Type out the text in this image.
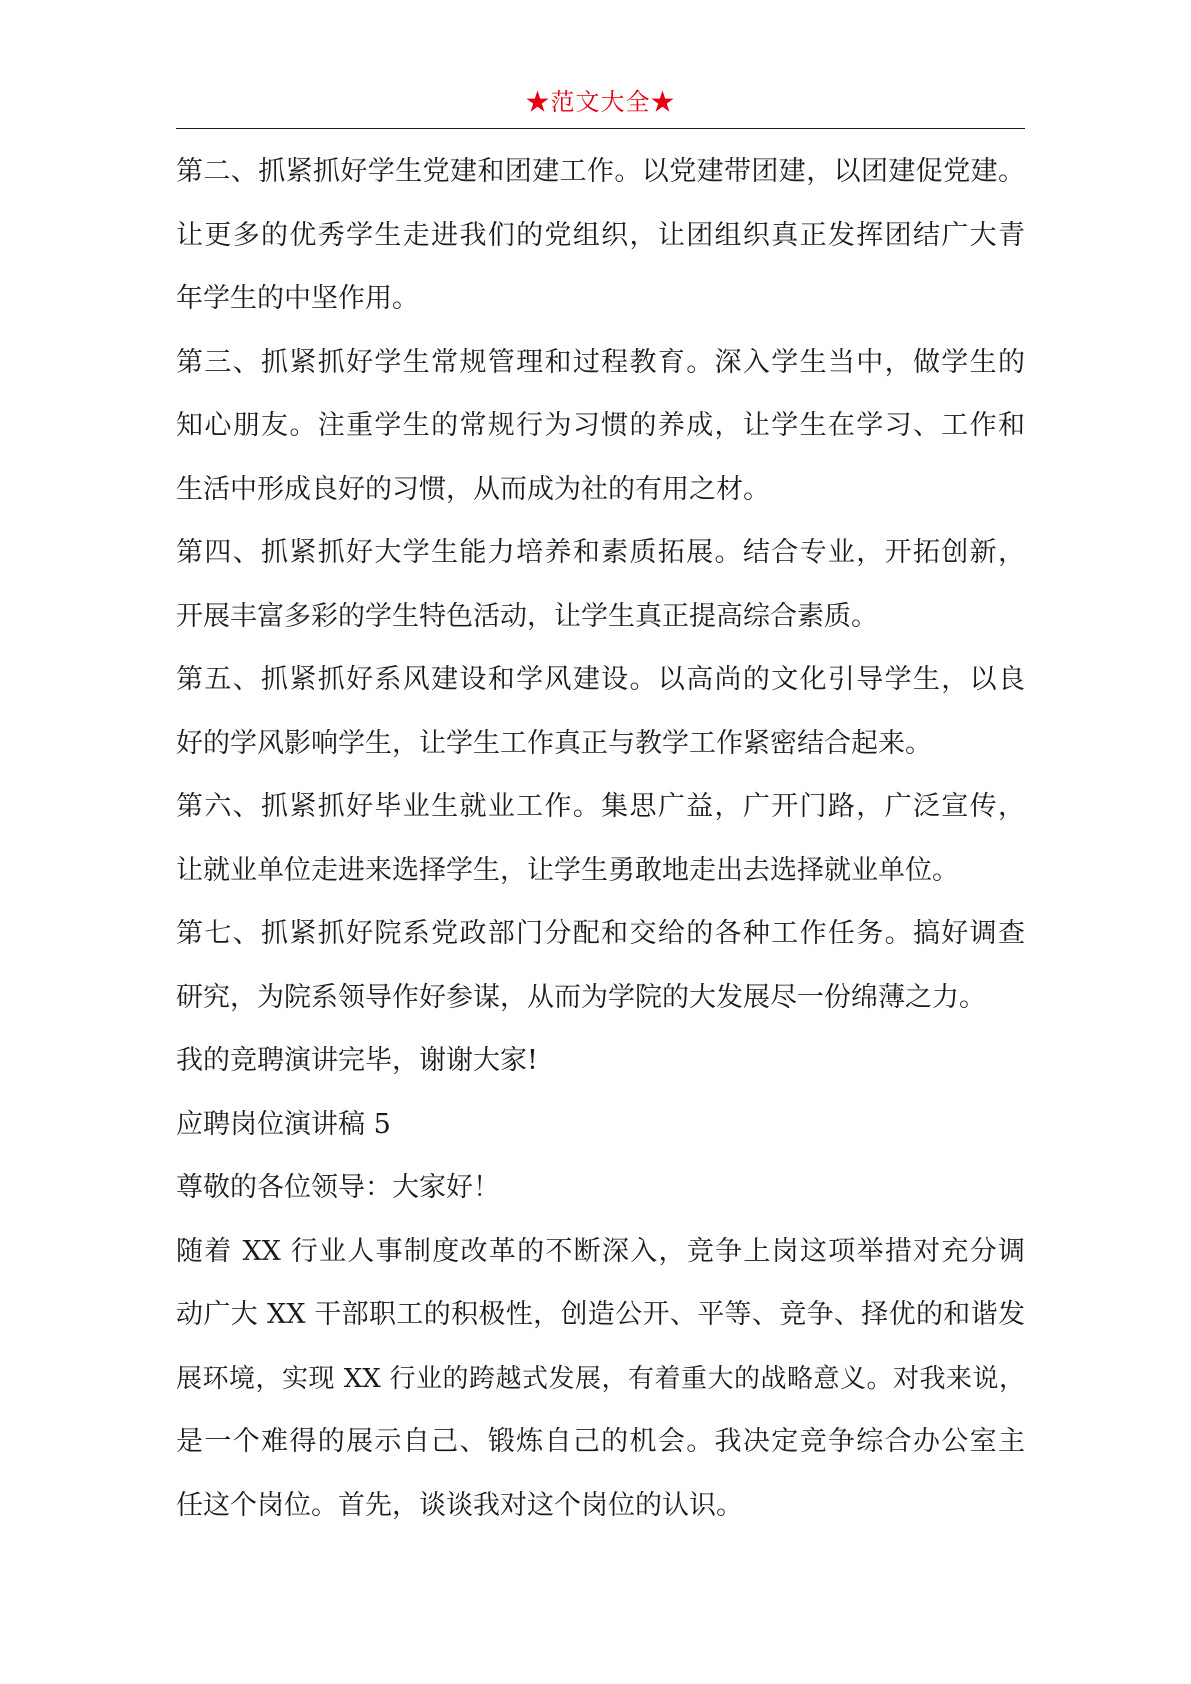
★范文大全★
第二、抓紧抓好学生党建和团建工作。以党建带团建，以团建促党建。
让更多的优秀学生走进我们的党组织，让团组织真正发挥团结广大青
年学生的中坚作用。
第三、抓紧抓好学生常规管理和过程教育。深入学生当中，做学生的
知心朋友。注重学生的常规行为习惯的养成，让学生在学习、工作和
生活中形成良好的习惯，从而成为社的有用之材。
第四、抓紧抓好大学生能力培养和素质拓展。结合专业，开拓创新，
开展丰富多彩的学生特色活动，让学生真正提高综合素质。
第五、抓紧抓好系风建设和学风建设。以高尚的文化引导学生，以良
好的学风影响学生，让学生工作真正与教学工作紧密结合起来。
第六、抓紧抓好毕业生就业工作。集思广益，广开门路，广泛宣传，
让就业单位走进来选择学生，让学生勇敢地走出去选择就业单位。
第七、抓紧抓好院系党政部门分配和交给的各种工作任务。搞好调查
研究，为院系领导作好参谋，从而为学院的大发展尽一份绵薄之力。
我的竞聘演讲完毕，谢谢大家!
应聘岗位演讲稿 5
尊敬的各位领导：大家好！
随着 XX 行业人事制度改革的不断深入，竞争上岗这项举措对充分调
动广大 XX 干部职工的积极性，创造公开、平等、竞争、择优的和谐发
展环境，实现 XX 行业的跨越式发展，有着重大的战略意义。对我来说，
是一个难得的展示自己、锻炼自己的机会。我决定竞争综合办公室主
任这个岗位。首先，谈谈我对这个岗位的认识。
